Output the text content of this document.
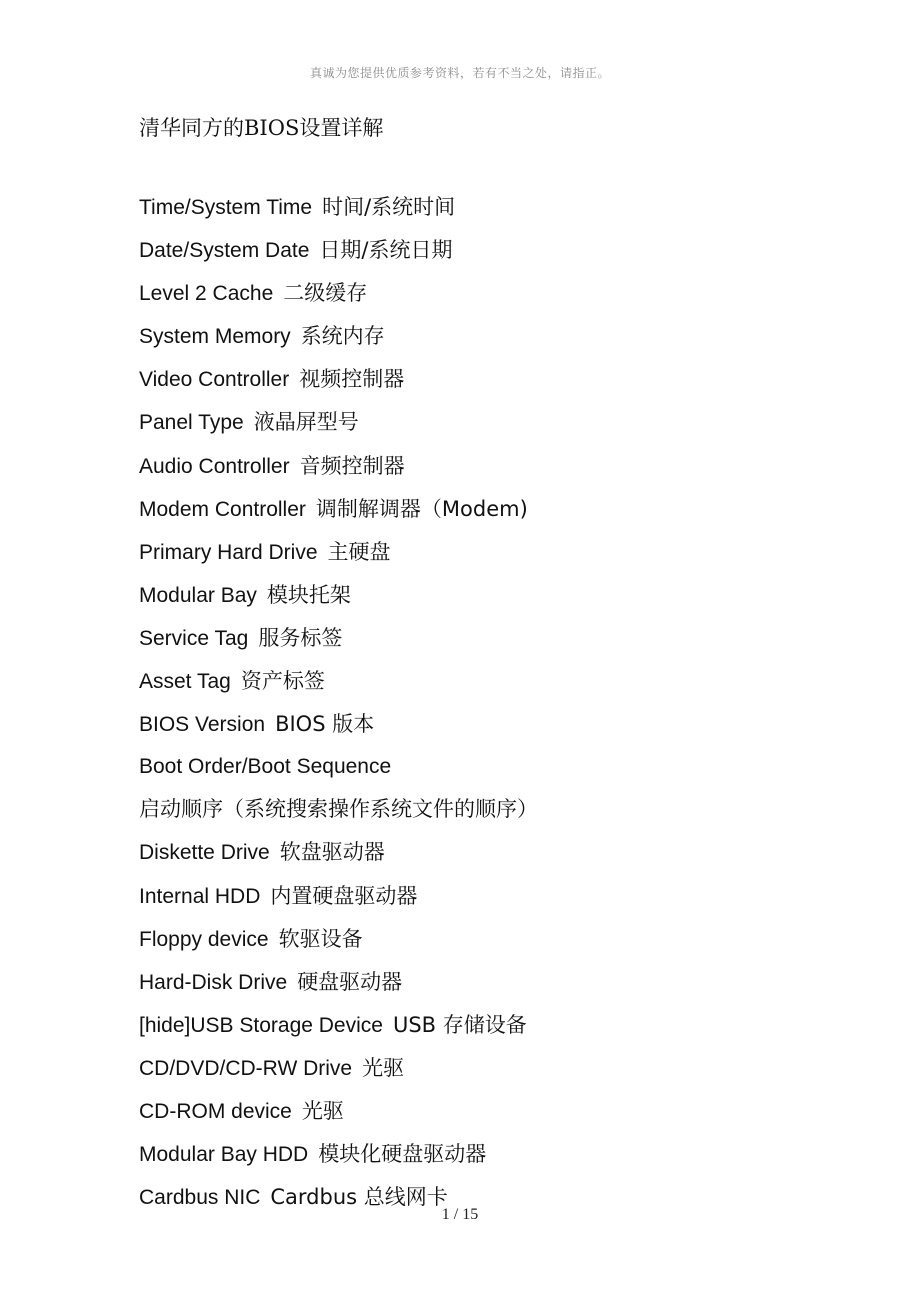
真诚为您提供优质参考资料，若有不当之处，请指正。
清华同方的BIOS设置详解
Time/System Time 时间/系统时间
Date/System Date 日期/系统日期
Level 2 Cache 二级缓存
System Memory 系统内存
Video Controller 视频控制器
Panel Type 液晶屏型号
Audio Controller 音频控制器
Modem Controller 调制解调器（Modem)
Primary Hard Drive 主硬盘
Modular Bay 模块托架
Service Tag 服务标签
Asset Tag 资产标签
BIOS Version BIOS 版本
Boot Order/Boot Sequence启动顺序（系统搜索操作系统文件的顺序）
Diskette Drive 软盘驱动器
Internal HDD 内置硬盘驱动器
Floppy device 软驱设备
Hard-Disk Drive 硬盘驱动器
[hide]USB Storage Device USB 存储设备
CD/DVD/CD-RW Drive 光驱
CD-ROM device 光驱
Modular Bay HDD 模块化硬盘驱动器
Cardbus NIC Cardbus 总线网卡
1 / 15
